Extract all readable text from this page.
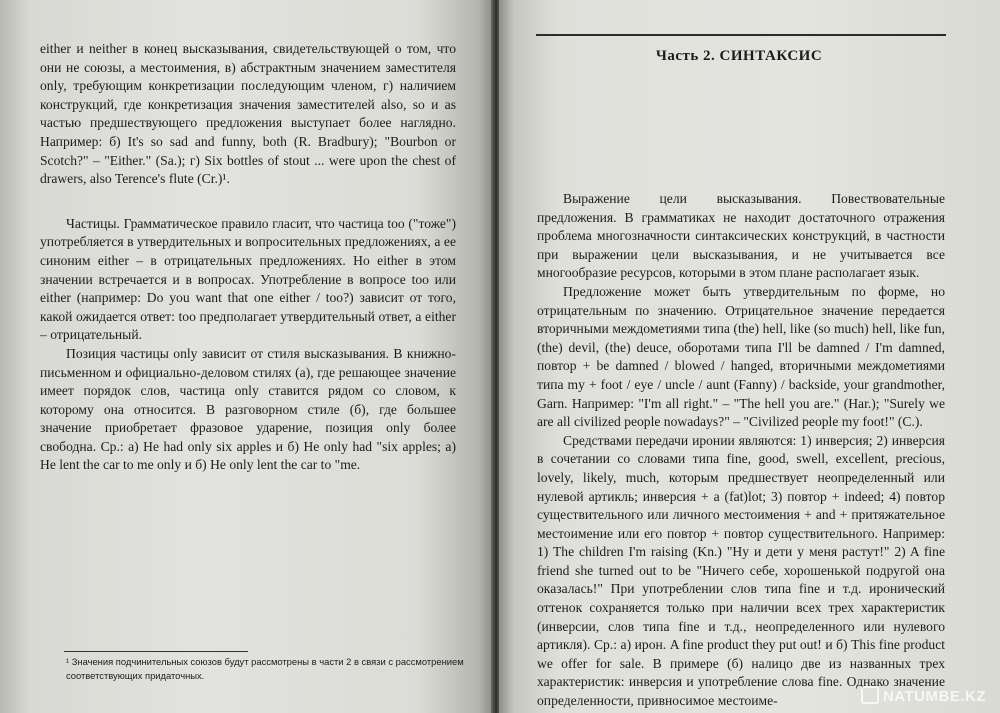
either и neither в конец высказывания, свидетельствующей о том, что они не союзы, а местоимения, в) абстрактным значением заместителя only, требующим конкретизации последующим членом, г) наличием конструкций, где конкретизация значения заместителей also, so и as частью предшествующего предложения выступает более наглядно. Например: б) It's so sad and funny, both (R. Bradbury); "Bourbon or Scotch?" – "Either." (Sa.); г) Six bottles of stout ... were upon the chest of drawers, also Terence's flute (Cr.)¹.

Частицы. Грамматическое правило гласит, что частица too ("тоже") употребляется в утвердительных и вопросительных предложениях, а ее синоним either – в отрицательных предложениях. Но either в этом значении встречается и в вопросах. Употребление в вопросе too или either (например: Do you want that one either / too?) зависит от того, какой ожидается ответ: too предполагает утвердительный ответ, a either – отрицательный.

Позиция частицы only зависит от стиля высказывания. В книжно-письменном и официально-деловом стилях (а), где решающее значение имеет порядок слов, частица only ставится рядом со словом, к которому она относится. В разговорном стиле (б), где большее значение приобретает фразовое ударение, позиция only более свободна. Ср.: а) He had only six apples и б) He only had "six apples; а) He lent the car to me only и б) He only lent the car to "me.

¹ Значения подчинительных союзов будут рассмотрены в части 2 в связи с рассмотрением соответствующих придаточных.
Часть 2. СИНТАКСИС

Выражение цели высказывания. Повествовательные предложения. В грамматиках не находит достаточного отражения проблема многозначности синтаксических конструкций, в частности при выражении цели высказывания, и не учитывается все многообразие ресурсов, которыми в этом плане располагает язык.

Предложение может быть утвердительным по форме, но отрицательным по значению. Отрицательное значение передается вторичными междометиями типа (the) hell, like (so much) hell, like fun, (the) devil, (the) deuce, оборотами типа I'll be damned / I'm damned, повтор + be damned / blowed / hanged, вторичными междометиями типа my + foot / eye / uncle / aunt (Fanny) / backside, your grandmother, Garn. Например: "I'm all right." – "The hell you are." (Har.); "Surely we are all civilized people nowadays?" – "Civilized people my foot!" (C.).

Средствами передачи иронии являются: 1) инверсия; 2) инверсия в сочетании со словами типа fine, good, swell, excellent, precious, lovely, likely, much, которым предшествует неопределенный или нулевой артикль; инверсия + a (fat)lot; 3) повтор + indeed; 4) повтор существительного или личного местоимения + and + притяжательное местоимение или его повтор + повтор существительного. Например: 1) The children I'm raising (Kn.) "Ну и дети у меня растут!" 2) A fine friend she turned out to be "Ничего себе, хорошенькой подругой она оказалась!" При употреблении слов типа fine и т.д. иронический оттенок сохраняется только при наличии всех трех характеристик (инверсии, слов типа fine и т.д., неопределенного или нулевого артикля). Ср.: а) ирон. A fine product they put out! и б) This fine product we offer for sale. В примере (б) налицо две из названных трех характеристик: инверсия и употребление слова fine. Однако значение определенности, привносимое местоиме-	NATUMBE.KZ
